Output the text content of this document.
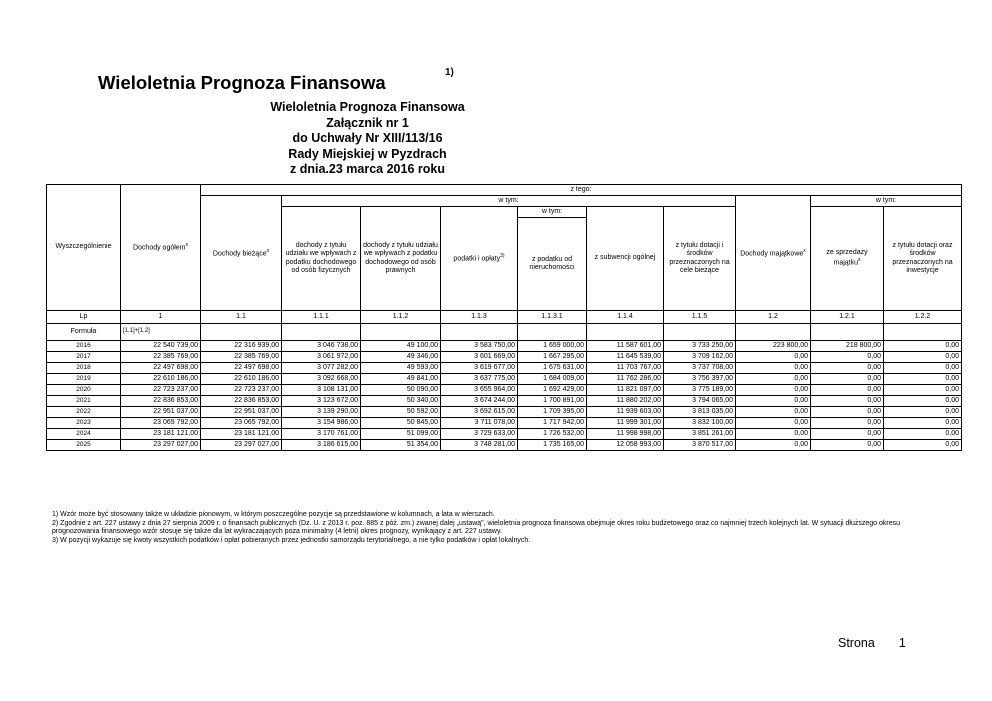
Wieloletnia Prognoza Finansowa	1)
Wieloletnia Prognoza Finansowa
Załącznik nr 1
do Uchwały Nr XIII/113/16
Rady Miejskiej w Pyzdrach
z dnia.23 marca 2016 roku
Wyszczególnienie	Dochody ogółem$^x$	z tego:									
		Dochody bieżące$^x$	w tym:						Dochody majątkowe$^x$	w tym:	
			dochody z tytułu udziału we wpływach z podatku dochodowego od osób fizycznych	dochody z tytułu udziału we wpływach z podatku dochodowego od osób prawnych	podatki i opłaty$^{3)}$	w tym:	z subwencji ogólnej	z tytułu dotacji i środków przeznaczonych na cele bieżące		ze sprzedaży majątku$^x$	z tytułu dotacji oraz środków przeznaczonych na inwestycje
						z podatku od nieruchomości					

Lp	1	1.1	1.1.1	1.1.2	1.1.3	1.1.3.1	1.1.4	1.1.5	1.2	1.2.1	1.2.2
Formuła	[1.1]+[1.2]										
2016	22 540 739,00	22 316 939,00	3 046 738,00	49 100,00	3 583 750,00	1 659 000,00	11 587 601,00	3 733 250,00	223 800,00	218 800,00	0,00
2017	22 385 769,00	22 385 769,00	3 061 972,00	49 346,00	3 601 669,00	1 667 295,00	11 645 539,00	3 709 162,00	0,00	0,00	0,00
2018	22 497 698,00	22 497 698,00	3 077 282,00	49 593,00	3 619 677,00	1 675 631,00	11 703 767,00	3 737 708,00	0,00	0,00	0,00
2019	22 610 186,00	22 610 186,00	3 092 668,00	49 841,00	3 637 775,00	1 684 009,00	11 762 286,00	3 756 397,00	0,00	0,00	0,00
2020	22 723 237,00	22 723 237,00	3 108 131,00	50 090,00	3 655 964,00	1 692 429,00	11 821 097,00	3 775 189,00	0,00	0,00	0,00
2021	22 836 853,00	22 836 853,00	3 123 672,00	50 340,00	3 674 244,00	1 700 891,00	11 880 202,00	3 794 065,00	0,00	0,00	0,00
2022	22 951 037,00	22 951 037,00	3 139 290,00	50 592,00	3 692 615,00	1 709 395,00	11 939 603,00	3 813 035,00	0,00	0,00	0,00
2023	23 065 792,00	23 065 792,00	3 154 986,00	50 845,00	3 711 078,00	1 717 942,00	11 999 301,00	3 832 100,00	0,00	0,00	0,00
2024	23 181 121,00	23 181 121,00	3 170 761,00	51 099,00	3 729 633,00	1 726 532,00	11 998 998,00	3 851 261,00	0,00	0,00	0,00
2025	23 297 027,00	23 297 027,00	3 186 615,00	51 354,00	3 748 281,00	1 735 165,00	12 058 993,00	3 870 517,00	0,00	0,00	0,00

1) Wzór może być stosowany także w układzie pionowym, w którym poszczególne pozycje są przedstawione w kolumnach, a lata w wierszach.

2) Zgodnie z art. 227 ustawy z dnia 27 sierpnia 2009 r. o finansach publicznych (Dz. U. z 2013 r. poz. 885 z póź. zm.) zwanej dalej „ustawą", wieloletnia prognoza finansowa obejmuje okres roku budżetowego oraz co najmniej trzech kolejnych lat. W sytuacji dłuższego okresu prognozowania finansowego wzór stosuje się także dla lat wykraczających poza minimalny (4 letni) okres prognozy, wynikający z art. 227 ustawy.

3) W pozycji wykazuje się kwoty wszystkich podatków i opłat pobieranych przez jednostki samorządu terytorialnego, a nie tylko podatków i opłat lokalnych.

Strona 1
